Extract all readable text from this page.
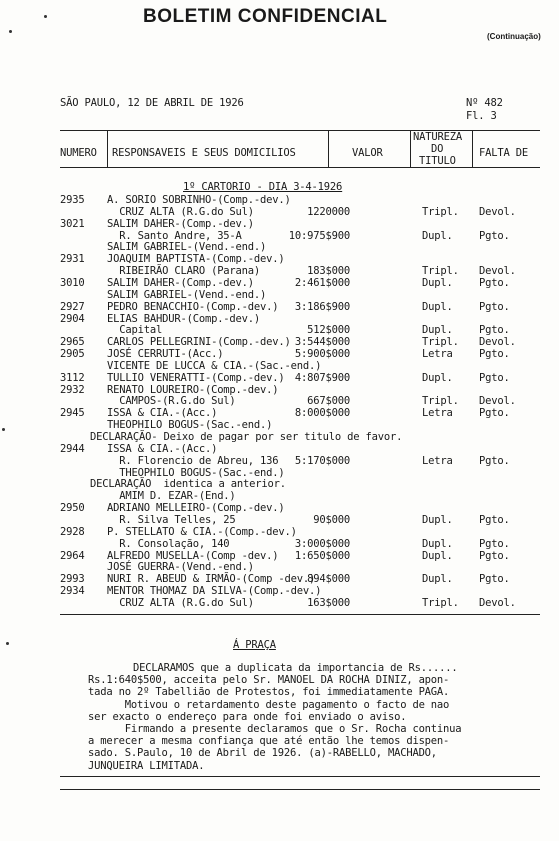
BOLETIM CONFIDENCIAL
(Continuação)
SÃO PAULO, 12 DE ABRIL DE 1926	Nº 482
Fl. 3
NUMERO RESPONSAVEIS E SEUS DOMICILIOS	VALOR
NATUREZA
DO
TITULO
FALTA DE
1º CARTORIO - DIA 3-4-1926
2935 A. SORIO SOBRINHO-(Comp.-dev.)
CRUZ ALTA (R.G.do Sul)	1220000	Tripl. Devol.
3021 SALIM DAHER-(Comp.-dev.)
R. Santo Andre, 35-A	10:975$900	Dupl.	Pgto.
SALIM GABRIEL-(Vend.-end.)
2931 JOAQUIM BAPTISTA-(Comp.-dev.)
RIBEIRÃO CLARO (Parana)	183$000	Tripl. Devol.
3010 SALIM DAHER-(Comp.-dev.)	2:461$000	Dupl.	Pgto.
SALIM GABRIEL-(Vend.-end.)
2927 PEDRO BENACCHIO-(Comp.-dev.) 3:186$900	Dupl.	Pgto.
2904 ELIAS BAHDUR-(Comp.-dev.)
Capital	512$000	Dupl.	Pgto.
2965 CARLOS PELLEGRINI-(Comp.-dev.) 3:544$000	Tripl. Devol.
2905 JOSÉ CERRUTI-(Acc.)	5:900$000	Letra	Pgto.
VICENTE DE LUCCA & CIA.-(Sac.-end.)
3112 TULLIO VENERATTI-(Comp.-dev.) 4:807$900	Dupl.	Pgto.
2932 RENATO LOUREIRO-(Comp.-dev.)
CAMPOS-(R.G.do Sul)	667$000	Tripl. Devol.
2945 ISSA & CIA.-(Acc.)	8:000$000	Letra	Pgto.
THEOPHILO BOGUS-(Sac.-end.)
DECLARAÇÃO- Deixo de pagar por ser titulo de favor.
2944 ISSA & CIA.-(Acc.)
R. Florencio de Abreu, 136 5:170$000	Letra	Pgto.
THEOPHILO BOGUS-(Sac.-end.)
DECLARAÇÃO  identica a anterior.
AMIM D. EZAR-(End.)
2950 ADRIANO MELLEIRO-(Comp.-dev.)
R. Silva Telles, 25	90$000	Dupl.	Pgto.
2928 P. STELLATO & CIA.-(Comp.-dev.)
R. Consolação, 140	3:000$000	Dupl.	Pgto.
2964 ALFREDO MUSELLA-(Comp -dev.) 1:650$000	Dupl.	Pgto.
JOSÉ GUERRA-(Vend.-end.)
2993 NURI R. ABEUD & IRMÃO-(Comp -dev.)
894$000	Dupl.	Pgto.
2934 MENTOR THOMAZ DA SILVA-(Comp.-dev.)
CRUZ ALTA (R.G.do Sul)	163$000	Tripl. Devol.
Á PRAÇA
DECLARAMOS que a duplicata da importancia de Rs......
Rs.1:640$500, acceita pelo Sr. MANOEL DA ROCHA DINIZ, apon-
tada no 2º Tabellião de Protestos, foi immediatamente PAGA.
Motivou o retardamento deste pagamento o facto de nao
ser exacto o endereço para onde foi enviado o aviso.
Firmando a presente declaramos que o Sr. Rocha continua
a merecer a mesma confiança que até então lhe temos dispen-
sado. S.Paulo, 10 de Abril de 1926. (a)-RABELLO, MACHADO,
JUNQUEIRA LIMITADA.
